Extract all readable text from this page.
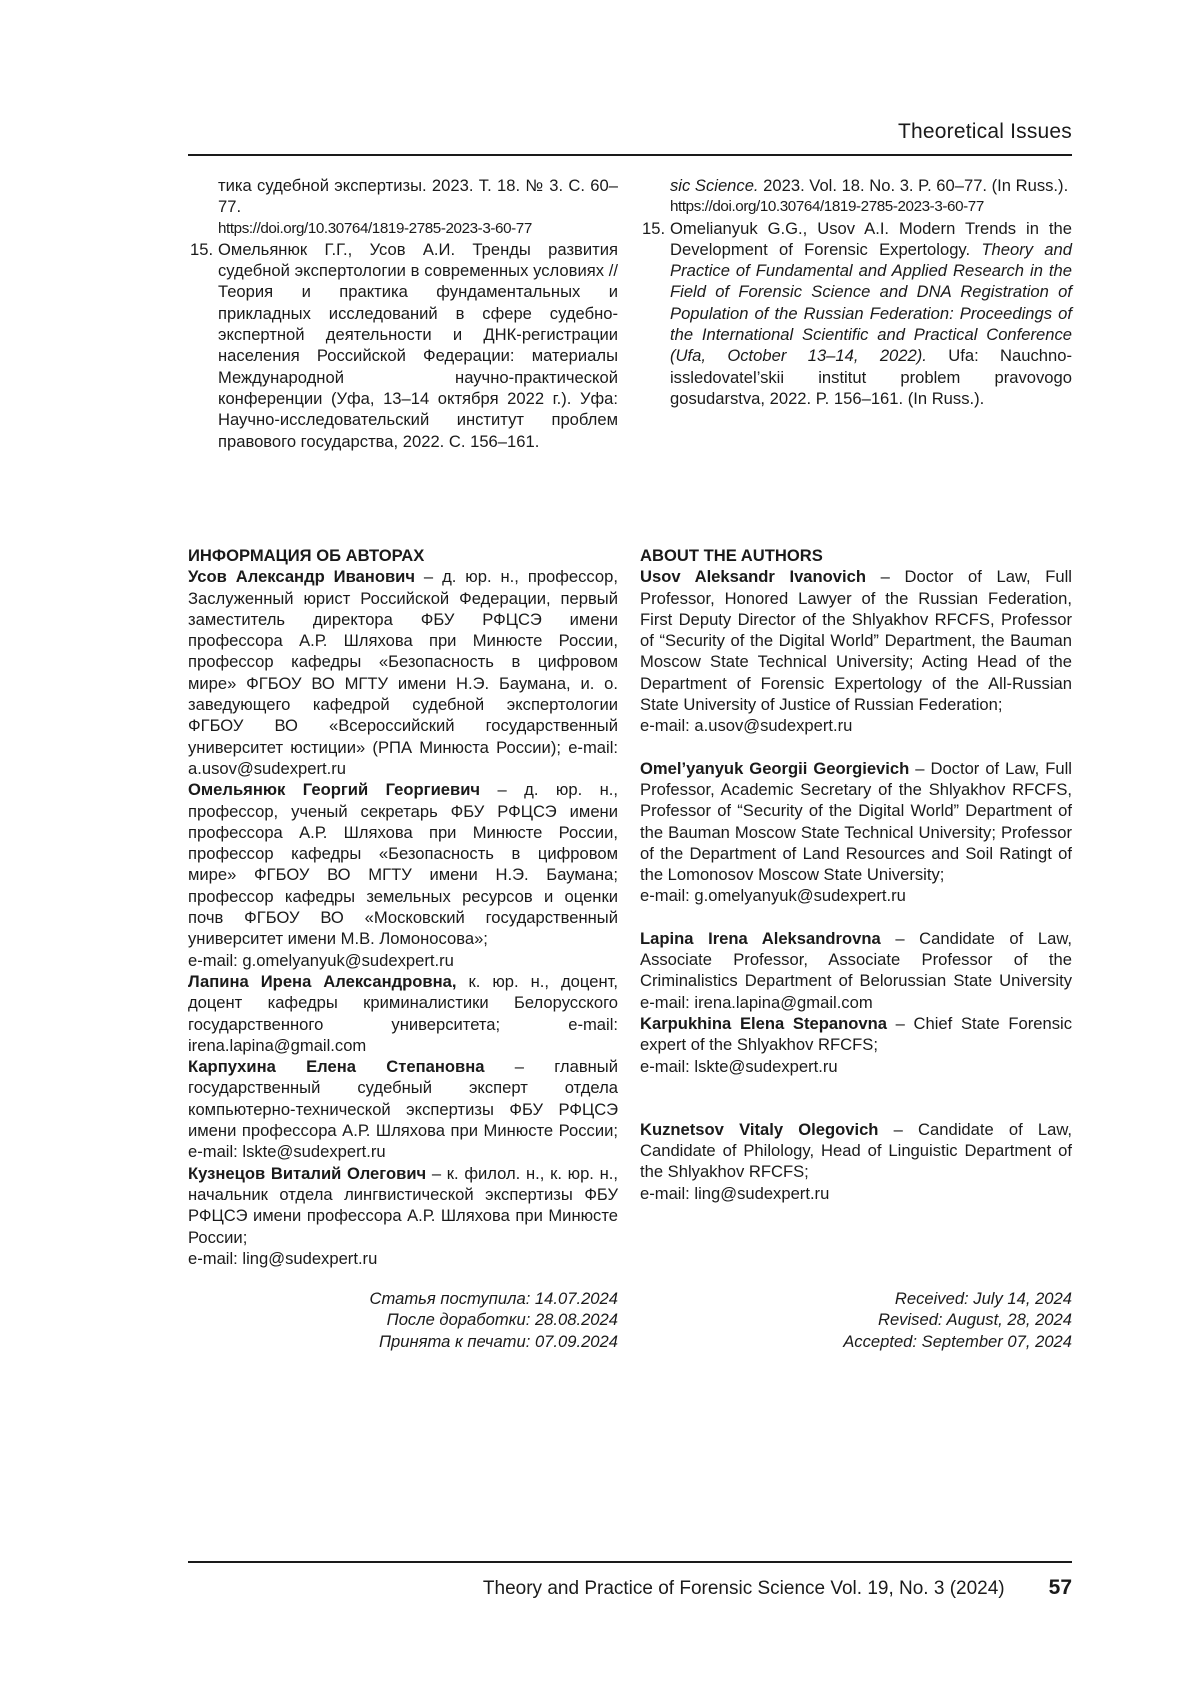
Theoretical Issues
тика судебной экспертизы. 2023. Т. 18. № 3. С. 60–77.
https://doi.org/10.30764/1819-2785-2023-3-60-77
15. Омельянюк Г.Г., Усов А.И. Тренды развития судебной экспертологии в современных условиях // Теория и практика фундаментальных и прикладных исследований в сфере судебно-экспертной деятельности и ДНК-регистрации населения Российской Федерации: материалы Международной научно-практической конференции (Уфа, 13–14 октября 2022 г.). Уфа: Научно-исследовательский институт проблем правового государства, 2022. С. 156–161.
sic Science. 2023. Vol. 18. No. 3. P. 60–77. (In Russ.).
https://doi.org/10.30764/1819-2785-2023-3-60-77
15. Omelianyuk G.G., Usov A.I. Modern Trends in the Development of Forensic Expertology. Theory and Practice of Fundamental and Applied Research in the Field of Forensic Science and DNA Registration of Population of the Russian Federation: Proceedings of the International Scientific and Practical Conference (Ufa, October 13–14, 2022). Ufa: Nauchno-issledovatel’skii institut problem pravovogo gosudarstva, 2022. P. 156–161. (In Russ.).
ИНФОРМАЦИЯ ОБ АВТОРАХ
Усов Александр Иванович – д. юр. н., профессор, Заслуженный юрист Российской Федерации, первый заместитель директора ФБУ РФЦСЭ имени профессора А.Р. Шляхова при Минюсте России, профессор кафедры «Безопасность в цифровом мире» ФГБОУ ВО МГТУ имени Н.Э. Баумана, и. о. заведующего кафедрой судебной экспертологии ФГБОУ ВО «Всероссийский государственный университет юстиции» (РПА Минюста России); e-mail: a.usov@sudexpert.ru
Омельянюк Георгий Георгиевич – д. юр. н., профессор, ученый секретарь ФБУ РФЦСЭ имени профессора А.Р. Шляхова при Минюсте России, профессор кафедры «Безопасность в цифровом мире» ФГБОУ ВО МГТУ имени Н.Э. Баумана; профессор кафедры земельных ресурсов и оценки почв ФГБОУ ВО «Московский государственный университет имени М.В. Ломоносова»;
e-mail: g.omelyanyuk@sudexpert.ru
Лапина Ирена Александровна, к. юр. н., доцент, доцент кафедры криминалистики Белорусского государственного университета; e-mail: irena.lapina@gmail.com
Карпухина Елена Степановна – главный государственный судебный эксперт отдела компьютерно-технической экспертизы ФБУ РФЦСЭ имени профессора А.Р. Шляхова при Минюсте России; e-mail: lskte@sudexpert.ru
Кузнецов Виталий Олегович – к. филол. н., к. юр. н., начальник отдела лингвистической экспертизы ФБУ РФЦСЭ имени профессора А.Р. Шляхова при Минюсте России;
e-mail: ling@sudexpert.ru
ABOUT THE AUTHORS
Usov Aleksandr Ivanovich – Doctor of Law, Full Professor, Honored Lawyer of the Russian Federation, First Deputy Director of the Shlyakhov RFCFS, Professor of “Security of the Digital World” Department, the Bauman Moscow State Technical University; Acting Head of the Department of Forensic Expertology of the All-Russian State University of Justice of Russian Federation;
e-mail: a.usov@sudexpert.ru
Omel’yanyuk Georgii Georgievich – Doctor of Law, Full Professor, Academic Secretary of the Shlyakhov RFCFS, Professor of “Security of the Digital World” Department of the Bauman Moscow State Technical University; Professor of the Department of Land Resources and Soil Ratingt of the Lomonosov Moscow State University;
e-mail: g.omelyanyuk@sudexpert.ru
Lapina Irena Aleksandrovna – Candidate of Law, Associate Professor, Associate Professor of the Criminalistics Department of Belorussian State University e-mail: irena.lapina@gmail.com
Karpukhina Elena Stepanovna – Chief State Forensic expert of the Shlyakhov RFCFS;
e-mail: lskte@sudexpert.ru
Kuznetsov Vitaly Olegovich – Candidate of Law, Candidate of Philology, Head of Linguistic Department of the Shlyakhov RFCFS;
e-mail: ling@sudexpert.ru
Статья поступила: 14.07.2024
После доработки: 28.08.2024
Принята к печати: 07.09.2024
Received: July 14, 2024
Revised: August, 28, 2024
Accepted: September 07, 2024
Theory and Practice of Forensic Science Vol. 19, No. 3 (2024) 57
